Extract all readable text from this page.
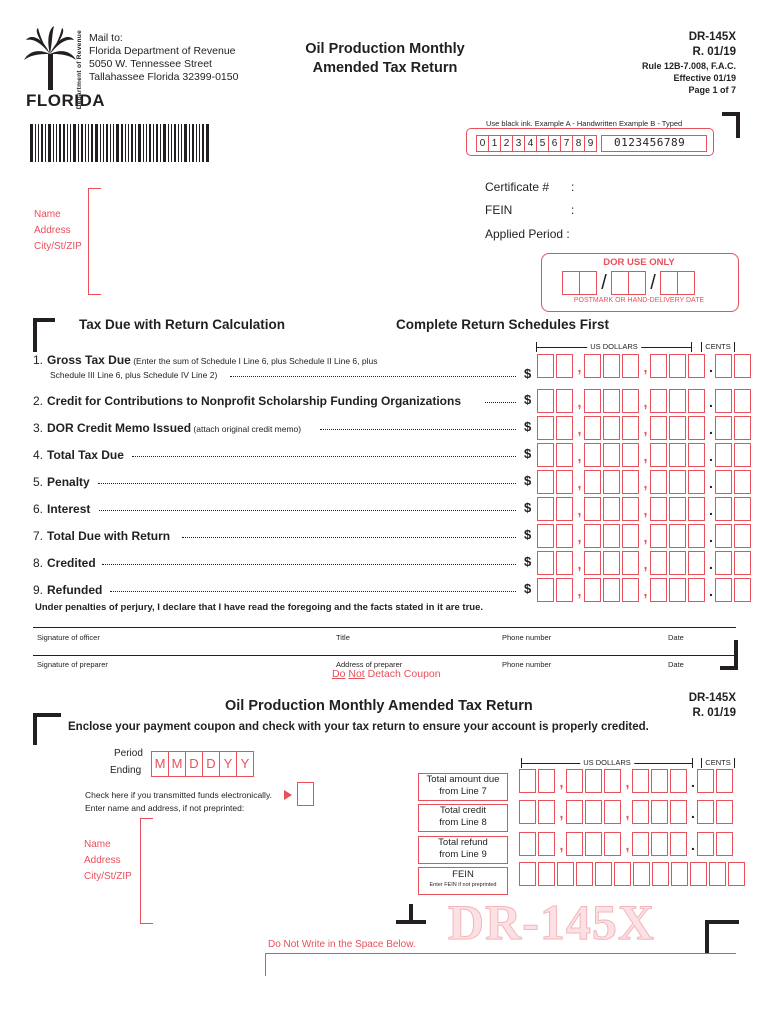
Department of Revenue
FLORIDA
Mail to:
Florida Department of Revenue
5050 W. Tennessee Street
Tallahassee Florida 32399-0150
Oil Production Monthly
Amended Tax Return
DR-145X
R. 01/19
Rule 12B-7.008, F.A.C.
Effective 01/19
Page 1 of 7
Use black ink. Example A - Handwritten Example B - Typed
0 1 2 3 4 5 6 7 8 9	0123456789
Certificate # :
FEIN	:
Applied Period :
Name
Address
City/St/ZIP
DOR USE ONLY
/ /
POSTMARK OR HAND-DELIVERY DATE
Tax Due with Return Calculation	Complete Return Schedules First
US DOLLARS	CENTS
1. Gross Tax Due (Enter the sum of Schedule I Line 6, plus Schedule II Line 6, plus
Schedule III Line 6, plus Schedule IV Line 2)	$	,	,	.
2. Credit for Contributions to Nonprofit Scholarship Funding Organizations	$	,	,	.
3. DOR Credit Memo Issued (attach original credit memo)	$	,	,	.
4. Total Tax Due	$	,	,	.
5. Penalty	$	,	,	.
6. Interest	$	,	,	.
7. Total Due with Return	$	,	,	.
8. Credited	$	,	,	.
9. Refunded	$	,	,	.
Under penalties of perjury, I declare that I have read the foregoing and the facts stated in it are true.
Signature of officer	Title	Phone number	Date
Signature of preparer	Address of preparer	Phone number	Date
Do Not Detach Coupon
Oil Production Monthly Amended Tax Return	DR-145X
R. 01/19
Enclose your payment coupon and check with your tax return to ensure your account is properly credited.
Period
Ending M M D D Y Y
Check here if you transmitted funds electronically.
Enter name and address, if not preprinted:
Name
Address
City/St/ZIP
US DOLLARS	CENTS
Total amount due
from Line 7
,	,	.
Total credit
from Line 8
,	,	.
Total refund
from Line 9
,	,	.
FEIN
Enter FEIN if not preprinted
DR-145X
Do Not Write in the Space Below.
